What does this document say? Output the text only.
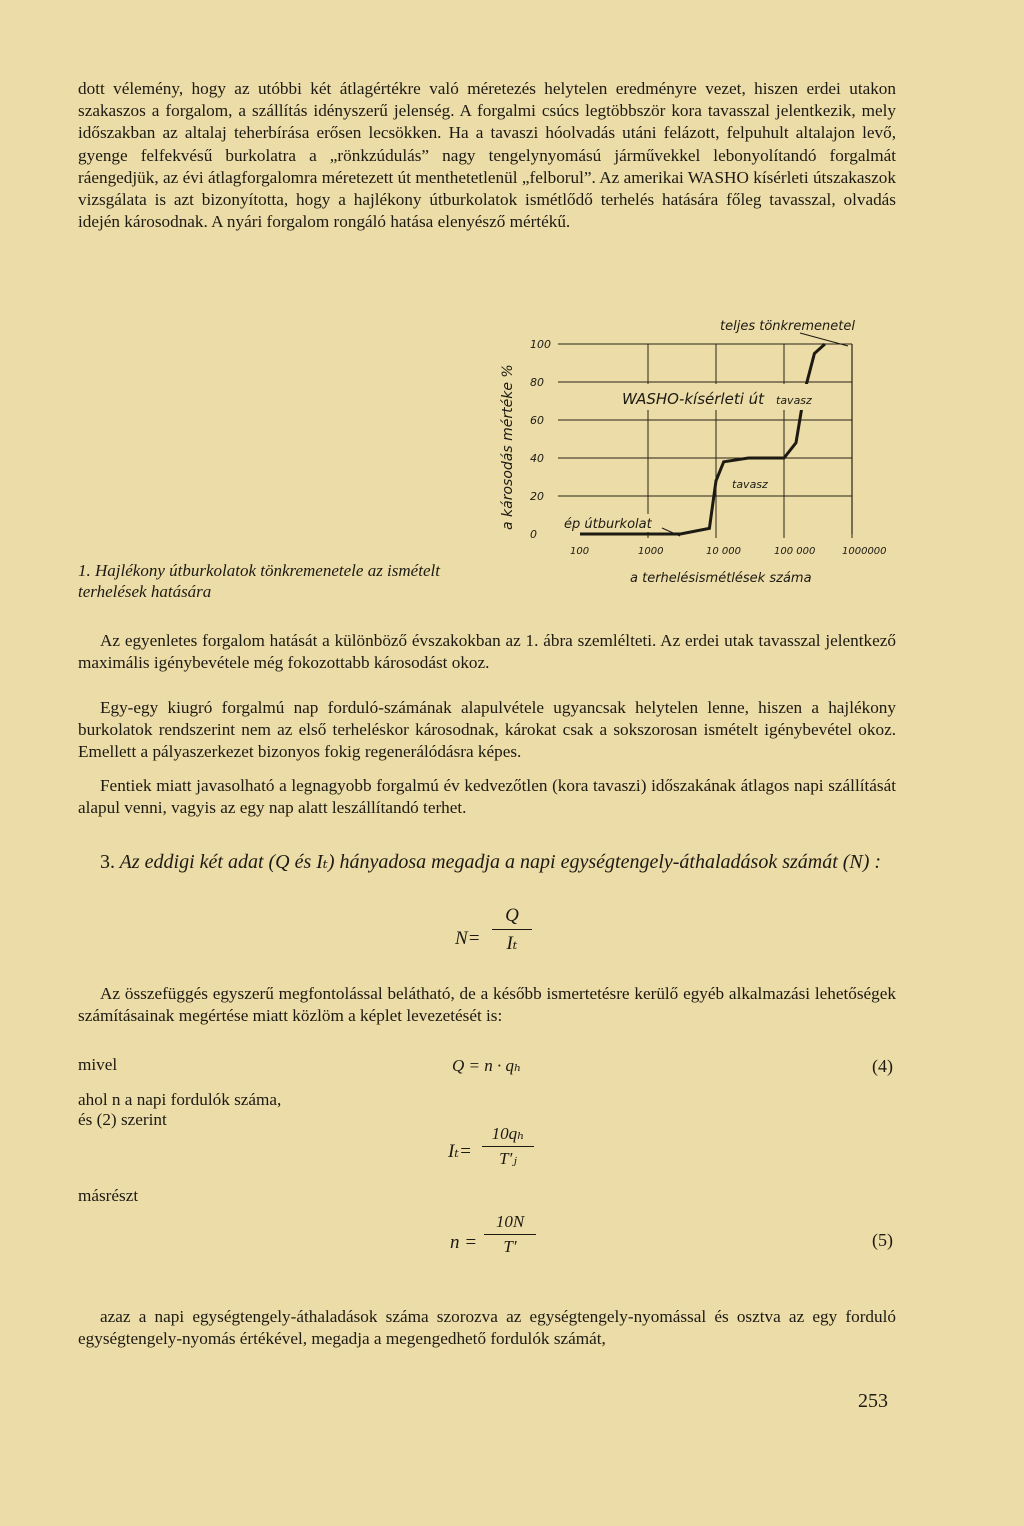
dott vélemény, hogy az utóbbi két átlagértékre való méretezés helytelen eredményre vezet, hiszen erdei utakon szakaszos a forgalom, a szállítás idényszerű jelenség. A forgalmi csúcs legtöbbször kora tavasszal jelentkezik, mely időszakban az altalaj teherbírása erősen lecsökken. Ha a tavaszi hóolvadás utáni felázott, felpuhult altalajon levő, gyenge felfekvésű burkolatra a „rönkzúdulás” nagy tengelynyomású járművekkel lebonyolítandó forgalmát ráengedjük, az évi átlagforgalomra méretezett út menthetetlenül „felborul”. Az amerikai WASHO kísérleti útszakaszok vizsgálata is azt bizonyította, hogy a hajlékony útburkolatok ismétlődő terhelés hatására főleg tavasszal, olvadás idején károsodnak. A nyári forgalom rongáló hatása elenyésző mértékű.

0
20
40
60
80
100
100	1000	10 000	100 000	1000000
a károsodás mértéke %
a terhelésismétlések száma
teljes tönkremenetel
WASHO-kísérleti út tavasz
tavasz
ép útburkolat
1. Hajlékony útburkolatok tönkremenetele az ismételt terhelések hatására

Az egyenletes forgalom hatását a különböző évszakokban az 1. ábra szemlélteti. Az erdei utak tavasszal jelentkező maximális igénybevétele még fokozottabb károsodást okoz.

Egy-egy kiugró forgalmú nap forduló-számának alapulvétele ugyancsak helytelen lenne, hiszen a hajlékony burkolatok rendszerint nem az első terheléskor károsodnak, károkat csak a sokszorosan ismételt igénybevétel okoz. Emellett a pályaszerkezet bizonyos fokig regenerálódásra képes.

Fentiek miatt javasolható a legnagyobb forgalmú év kedvezőtlen (kora tavaszi) időszakának átlagos napi szállítását alapul venni, vagyis az egy nap alatt leszállítandó terhet.

3. Az eddigi két adat (Q és Iₜ) hányadosa megadja a napi egységtengely-áthaladások számát (N) :
$N= \frac{Q}{\text{Iₜ}}$

Az összefüggés egyszerű megfontolással belátható, de a később ismertetésre kerülő egyéb alkalmazási lehetőségek számításainak megértése miatt közlöm a képlet levezetését is:

mivel	Q = n · qₕ	(4)
ahol n a napi fordulók száma,
és (2) szerint
$I_t= \frac{\text{10qₕ}}{\text{T′ⱼ}}$
másrészt
$n = \frac{10N}{T'}$	(5)

azaz a napi egységtengely-áthaladások száma szorozva az egységtengely-nyomással és osztva az egy forduló egységtengely-nyomás értékével, megadja a megengedhető fordulók számát,

253
